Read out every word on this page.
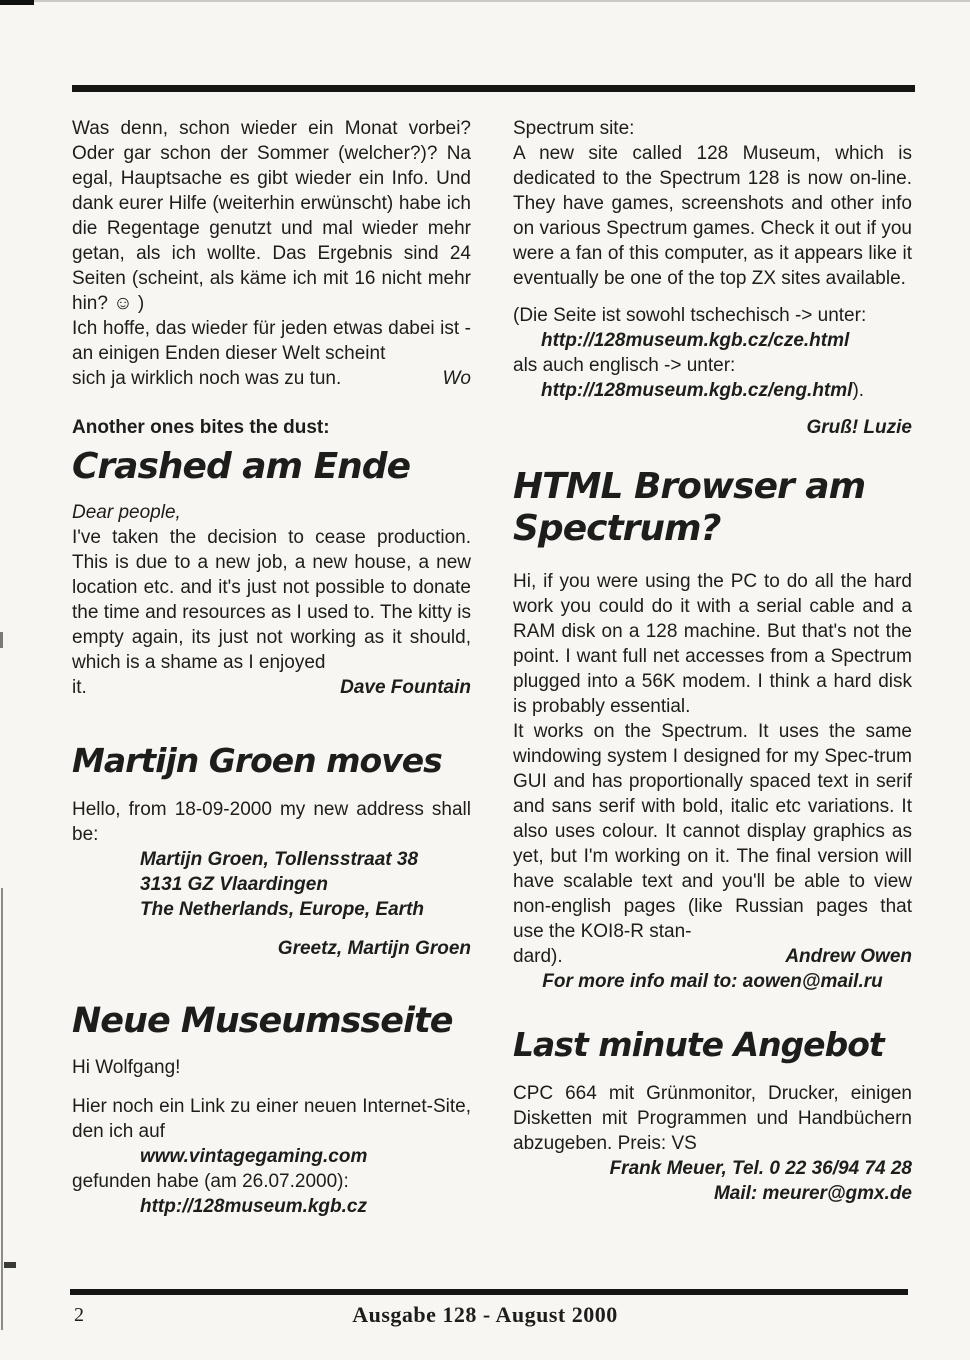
Was denn, schon wieder ein Monat vorbei? Oder gar schon der Sommer (welcher?)? Na egal, Hauptsache es gibt wieder ein Info. Und dank eurer Hilfe (weiterhin erwünscht) habe ich die Regentage genutzt und mal wieder mehr getan, als ich wollte. Das Ergebnis sind 24 Seiten (scheint, als käme ich mit 16 nicht mehr hin? ☺ )

Ich hoffe, das wieder für jeden etwas dabei ist - an einigen Enden dieser Welt scheint

sich ja wirklich noch was zu tun.	Wo

Another ones bites the dust:

Crashed am Ende

Dear people,

I've taken the decision to cease production. This is due to a new job, a new house, a new location etc. and it's just not possible to donate the time and resources as I used to. The kitty is empty again, its just not working as it should, which is a shame as I enjoyed

it.	Dave Fountain
Martijn Groen moves

Hello, from 18-09-2000 my new address shall be:

Martijn Groen, Tollensstraat 38
3131 GZ Vlaardingen
The Netherlands, Europe, Earth

Greetz, Martijn Groen

Neue Museumsseite

Hi Wolfgang!

Hier noch ein Link zu einer neuen Internet-Site, den ich auf

www.vintagegaming.com

gefunden habe (am 26.07.2000):

http://128museum.kgb.cz

Spectrum site:

A new site called 128 Museum, which is dedicated to the Spectrum 128 is now on-line. They have games, screenshots and other info on various Spectrum games. Check it out if you were a fan of this computer, as it appears like it eventually be one of the top ZX sites available.

(Die Seite ist sowohl tschechisch -> unter:

http://128museum.kgb.cz/cze.html

als auch englisch -> unter:

http://128museum.kgb.cz/eng.html).

Gruß! Luzie

HTML Browser am Spectrum?

Hi, if you were using the PC to do all the hard work you could do it with a serial cable and a RAM disk on a 128 machine. But that's not the point. I want full net accesses from a Spectrum plugged into a 56K modem. I think a hard disk is probably essential.

It works on the Spectrum. It uses the same windowing system I designed for my Spec-trum GUI and has proportionally spaced text in serif and sans serif with bold, italic etc variations. It also uses colour. It cannot display graphics as yet, but I'm working on it. The final version will have scalable text and you'll be able to view non-english pages (like Russian pages that use the KOI8-R stan-

dard).	Andrew Owen

For more info mail to: aowen@mail.ru

Last minute Angebot

CPC 664 mit Grünmonitor, Drucker, einigen Disketten mit Programmen und Handbüchern abzugeben. Preis: VS

Frank Meuer, Tel. 0 22 36/94 74 28

Mail: meurer@gmx.de

2	Ausgabe 128 - August 2000
